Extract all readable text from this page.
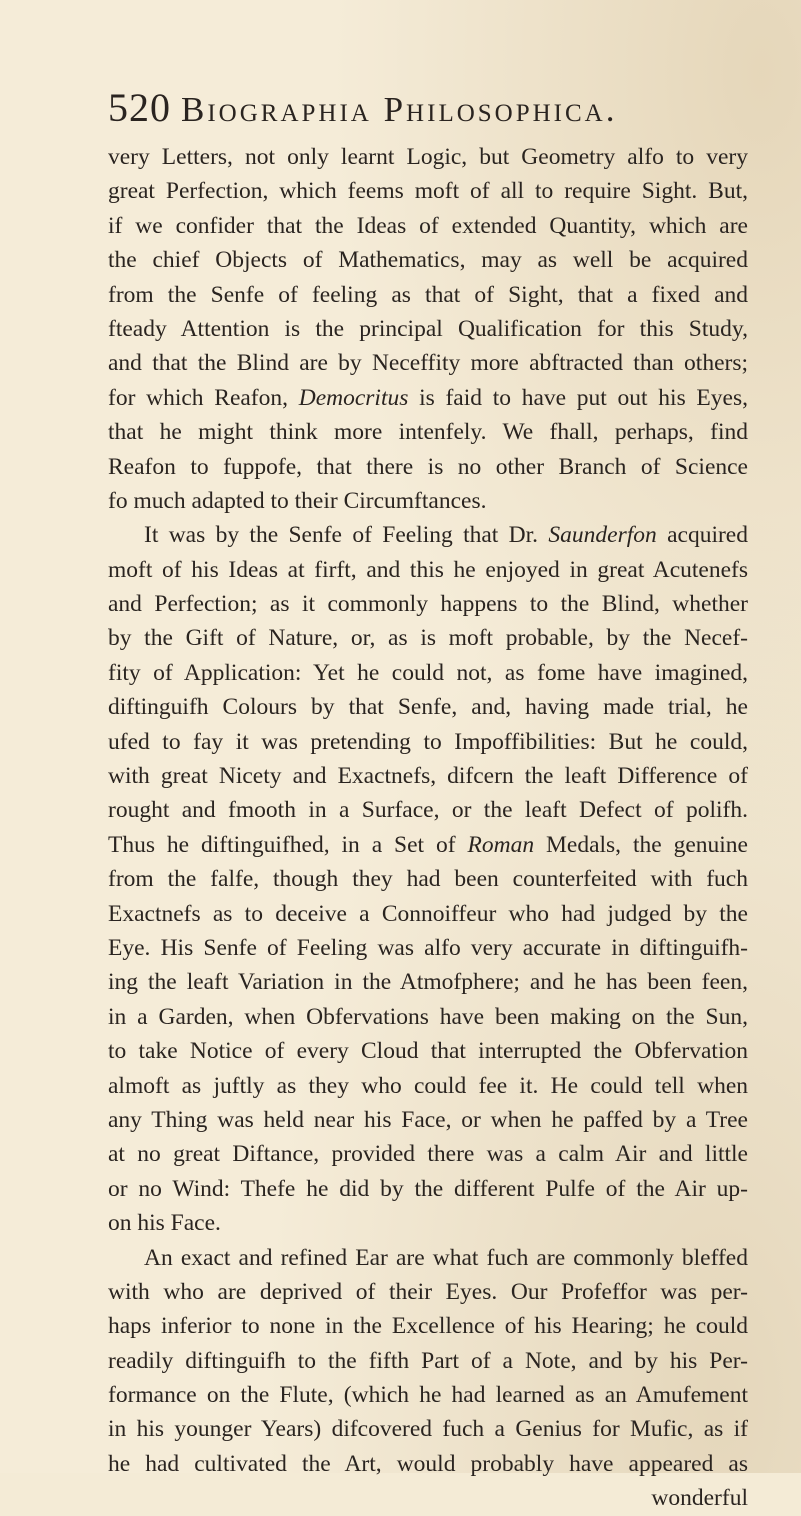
520 Biographia Philosophica.
very Letters, not only learnt Logic, but Geometry alfo to very
great Perfection, which feems moft of all to require Sight. But,
if we confider that the Ideas of extended Quantity, which are
the chief Objects of Mathematics, may as well be acquired
from the Senfe of feeling as that of Sight, that a fixed and
fteady Attention is the principal Qualification for this Study,
and that the Blind are by Neceffity more abftracted than others;
for which Reafon, Democritus is faid to have put out his Eyes,
that he might think more intenfely. We fhall, perhaps, find
Reafon to fuppofe, that there is no other Branch of Science
fo much adapted to their Circumftances.
It was by the Senfe of Feeling that Dr. Saunderfon acquired
moft of his Ideas at firft, and this he enjoyed in great Acutenefs
and Perfection; as it commonly happens to the Blind, whether
by the Gift of Nature, or, as is moft probable, by the Necef-
fity of Application: Yet he could not, as fome have imagined,
diftinguifh Colours by that Senfe, and, having made trial, he
ufed to fay it was pretending to Impoffibilities: But he could,
with great Nicety and Exactnefs, difcern the leaft Difference of
rought and fmooth in a Surface, or the leaft Defect of polifh.
Thus he diftinguifhed, in a Set of Roman Medals, the genuine
from the falfe, though they had been counterfeited with fuch
Exactnefs as to deceive a Connoiffeur who had judged by the
Eye. His Senfe of Feeling was alfo very accurate in diftinguifh-
ing the leaft Variation in the Atmofphere; and he has been feen,
in a Garden, when Obfervations have been making on the Sun,
to take Notice of every Cloud that interrupted the Obfervation
almoft as juftly as they who could fee it. He could tell when
any Thing was held near his Face, or when he paffed by a Tree
at no great Diftance, provided there was a calm Air and little
or no Wind: Thefe he did by the different Pulfe of the Air up-
on his Face.
An exact and refined Ear are what fuch are commonly bleffed
with who are deprived of their Eyes. Our Profeffor was per-
haps inferior to none in the Excellence of his Hearing; he could
readily diftinguifh to the fifth Part of a Note, and by his Per-
formance on the Flute, (which he had learned as an Amufement
in his younger Years) difcovered fuch a Genius for Mufic, as if
he had cultivated the Art, would probably have appeared as
wonderful
